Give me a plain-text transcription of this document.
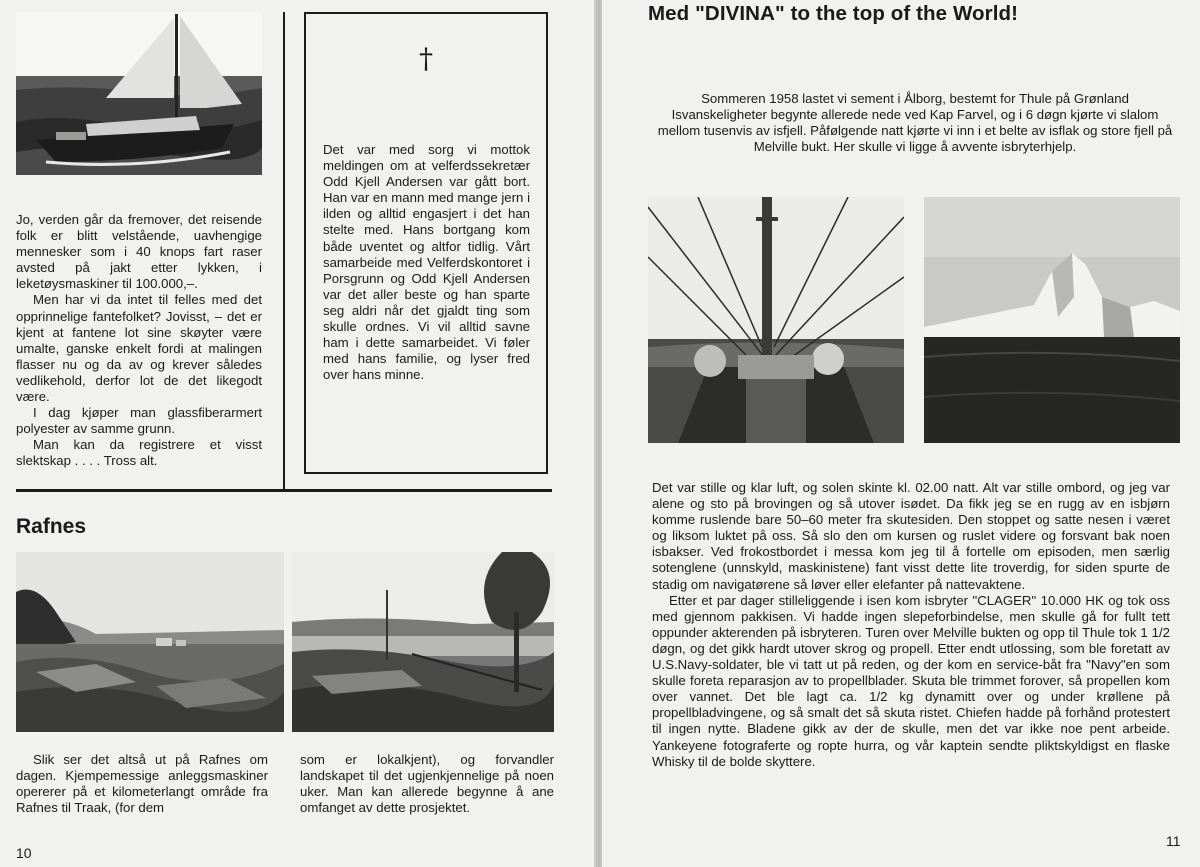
Jo, verden går da fremover, det reisende folk er blitt velstående, uavhengige mennesker som i 40 knops fart raser avsted på jakt etter lykken, i leketøysmaskiner til 100.000,–.

Men har vi da intet til felles med det opprinnelige fantefolket? Jovisst, – det er kjent at fantene lot sine skøyter være umalte, ganske enkelt fordi at malingen flasser nu og da av og krever således vedlikehold, derfor lot de det likegodt være.

I dag kjøper man glassfiberarmert polyester av samme grunn.

Man kan da registrere et visst slektskap . . . . Tross alt.

†

Det var med sorg vi mottok meldingen om at velferdssekretær Odd Kjell Andersen var gått bort. Han var en mann med mange jern i ilden og alltid engasjert i det han stelte med. Hans bortgang kom både uventet og altfor tidlig. Vårt samarbeide med Velferdskontoret i Porsgrunn og Odd Kjell Andersen var det aller beste og han sparte seg aldri når det gjaldt ting som skulle ordnes. Vi vil alltid savne ham i dette samarbeidet. Vi føler med hans familie, og lyser fred over hans minne.

Rafnes

Slik ser det altså ut på Rafnes om dagen. Kjempemessige anleggsmaskiner opererer på et kilometerlangt område fra Rafnes til Traak, (for dem

som er lokalkjent), og forvandler landskapet til det ugjenkjennelige på noen uker. Man kan allerede begynne å ane omfanget av dette prosjektet.

10
Med "DIVINA" to the top of the World!

Sommeren 1958 lastet vi sement i Ålborg, bestemt for Thule på Grønland Isvanskeligheter begynte allerede nede ved Kap Farvel, og i 6 døgn kjørte vi slalom mellom tusenvis av isfjell. Påfølgende natt kjørte vi inn i et belte av isflak og store fjell på Melville bukt. Her skulle vi ligge å avvente isbryterhjelp.

Det var stille og klar luft, og solen skinte kl. 02.00 natt. Alt var stille ombord, og jeg var alene og sto på brovingen og så utover isødet. Da fikk jeg se en rugg av en isbjørn komme ruslende bare 50–60 meter fra skutesiden. Den stoppet og satte nesen i været og liksom luktet på oss. Så slo den om kursen og ruslet videre og forsvant bak noen isbakser. Ved frokostbordet i messa kom jeg til å fortelle om episoden, men særlig sotenglene (unnskyld, maskinistene) fant visst dette lite troverdig, for siden spurte de stadig om navigatørene så løver eller elefanter på nattevaktene.

Etter et par dager stilleliggende i isen kom isbryter "CLAGER" 10.000 HK og tok oss med gjennom pakkisen. Vi hadde ingen slepeforbindelse, men skulle gå for fullt tett oppunder akterenden på isbryteren. Turen over Melville bukten og opp til Thule tok 1 1/2 døgn, og det gikk hardt utover skrog og propell. Etter endt utlossing, som ble foretatt av U.S.Navy-soldater, ble vi tatt ut på reden, og der kom en service-båt fra "Navy"en som skulle foreta reparasjon av to propellblader. Skuta ble trimmet forover, så propellen kom over vannet. Det ble lagt ca. 1/2 kg dynamitt over og under krøllene på propellbladvingene, og så smalt det så skuta ristet. Chiefen hadde på forhånd protestert til ingen nytte. Bladene gikk av der de skulle, men det var ikke noe pent arbeide. Yankeyene fotograferte og ropte hurra, og vår kaptein sendte pliktskyldigst en flaske Whisky til de bolde skyttere.

11
